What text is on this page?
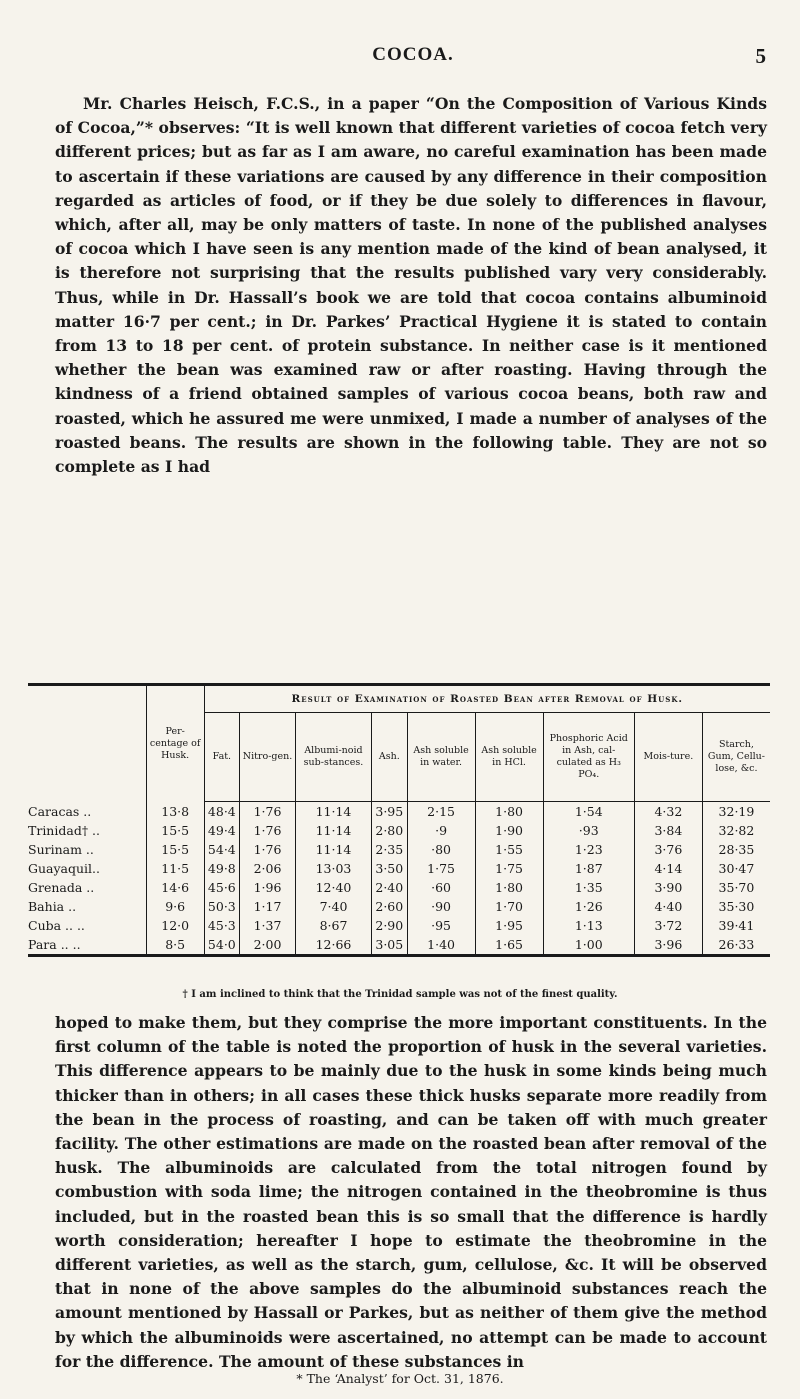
COCOA.	5

Mr. Charles Heisch, F.C.S., in a paper “On the Composition of Various Kinds of Cocoa,”* observes: “It is well known that different varieties of cocoa fetch very different prices; but as far as I am aware, no careful examination has been made to ascertain if these variations are caused by any difference in their composition regarded as articles of food, or if they be due solely to differences in flavour, which, after all, may be only matters of taste. In none of the published analyses of cocoa which I have seen is any mention made of the kind of bean analysed, it is therefore not surprising that the results published vary very considerably. Thus, while in Dr. Hassall’s book we are told that cocoa contains albuminoid matter 16·7 per cent.; in Dr. Parkes’ Practical Hygiene it is stated to contain from 13 to 18 per cent. of protein substance. In neither case is it mentioned whether the bean was examined raw or after roasting. Having through the kindness of a friend obtained samples of various cocoa beans, both raw and roasted, which he assured me were unmixed, I made a number of analyses of the roasted beans. The results are shown in the following table. They are not so complete as I had

	Per-centage of Husk.	Result of Examination of Roasted Bean after Removal of Husk.								
		Fat.	Nitro-gen.	Albumi-noid sub-stances.	Ash.	Ash soluble in water.	Ash soluble in HCl.	Phosphoric Acid in Ash, cal-culated as H₃ PO₄.	Mois-ture.	Starch, Gum, Cellu-lose, &c.
Caracas ..	13·8	48·4	1·76	11·14	3·95	2·15	1·80	1·54	4·32	32·19
Trinidad† ..	15·5	49·4	1·76	11·14	2·80	·9	1·90	·93	3·84	32·82
Surinam ..	15·5	54·4	1·76	11·14	2·35	·80	1·55	1·23	3·76	28·35
Guayaquil..	11·5	49·8	2·06	13·03	3·50	1·75	1·75	1·87	4·14	30·47
Grenada ..	14·6	45·6	1·96	12·40	2·40	·60	1·80	1·35	3·90	35·70
Bahia ..	9·6	50·3	1·17	7·40	2·60	·90	1·70	1·26	4·40	35·30
Cuba .. ..	12·0	45·3	1·37	8·67	2·90	·95	1·95	1·13	3·72	39·41
Para .. ..	8·5	54·0	2·00	12·66	3·05	1·40	1·65	1·00	3·96	26·33

† I am inclined to think that the Trinidad sample was not of the finest quality.

hoped to make them, but they comprise the more important constituents. In the first column of the table is noted the proportion of husk in the several varieties. This difference appears to be mainly due to the husk in some kinds being much thicker than in others; in all cases these thick husks separate more readily from the bean in the process of roasting, and can be taken off with much greater facility. The other estimations are made on the roasted bean after removal of the husk. The albuminoids are calculated from the total nitrogen found by combustion with soda lime; the nitrogen contained in the theobromine is thus included, but in the roasted bean this is so small that the difference is hardly worth consideration; hereafter I hope to estimate the theobromine in the different varieties, as well as the starch, gum, cellulose, &c. It will be observed that in none of the above samples do the albuminoid substances reach the amount mentioned by Hassall or Parkes, but as neither of them give the method by which the albuminoids were ascertained, no attempt can be made to account for the difference. The amount of these substances in

* The ‘Analyst’ for Oct. 31, 1876.
